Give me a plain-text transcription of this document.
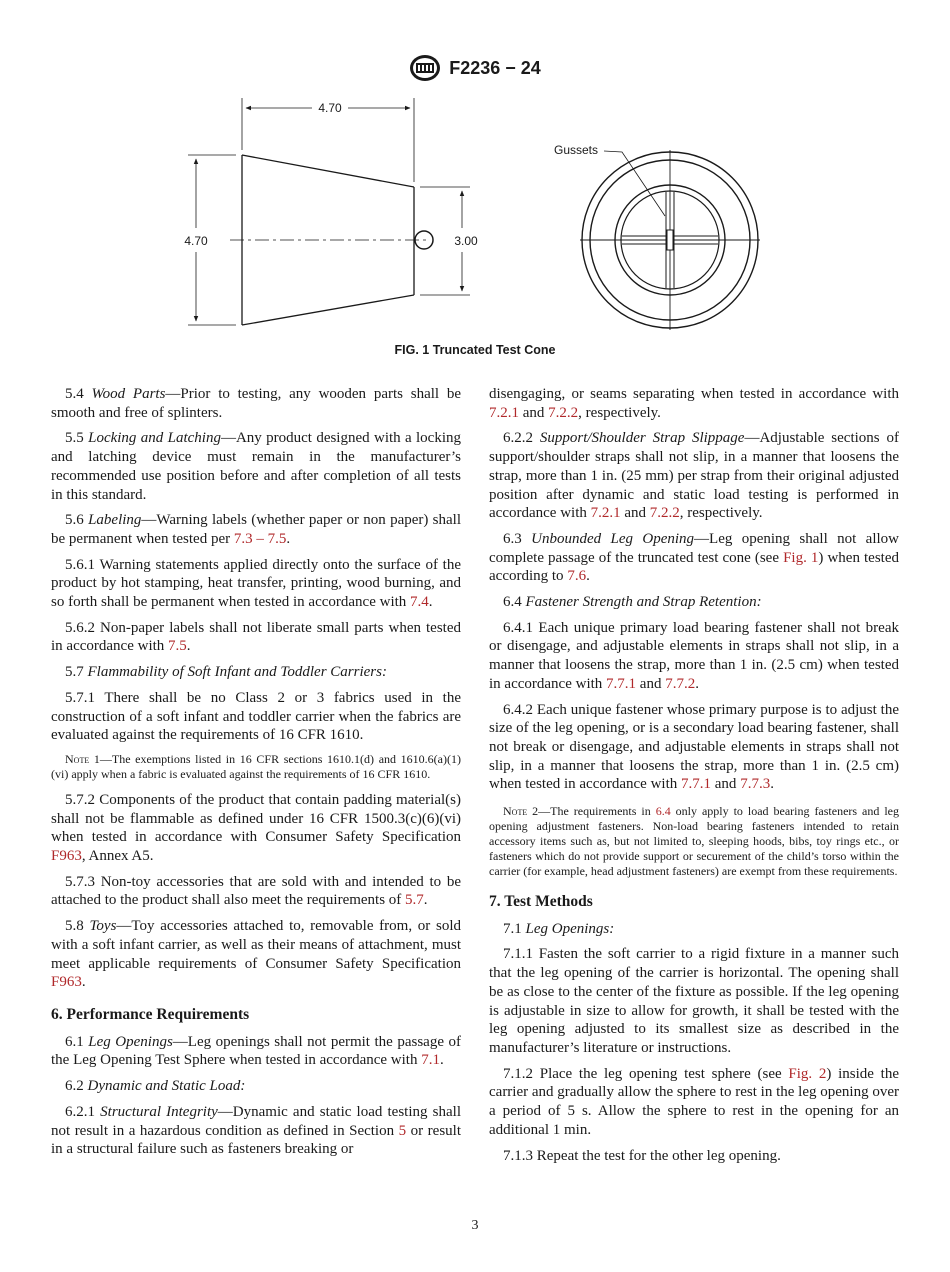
F2236 − 24
4.70
4.70	3.00
Gussets
FIG. 1 Truncated Test Cone

5.4 Wood Parts—Prior to testing, any wooden parts shall be smooth and free of splinters.

5.5 Locking and Latching—Any product designed with a locking and latching device must remain in the manufacturer’s recommended use position before and after completion of all tests in this standard.

5.6 Labeling—Warning labels (whether paper or non paper) shall be permanent when tested per 7.3 – 7.5.

5.6.1 Warning statements applied directly onto the surface of the product by hot stamping, heat transfer, printing, wood burning, and so forth shall be permanent when tested in accordance with 7.4.

5.6.2 Non-paper labels shall not liberate small parts when tested in accordance with 7.5.

5.7 Flammability of Soft Infant and Toddler Carriers:

5.7.1 There shall be no Class 2 or 3 fabrics used in the construction of a soft infant and toddler carrier when the fabrics are evaluated against the requirements of 16 CFR 1610.

Note 1—The exemptions listed in 16 CFR sections 1610.1(d) and 1610.6(a)(1)(vi) apply when a fabric is evaluated against the requirements of 16 CFR 1610.

5.7.2 Components of the product that contain padding material(s) shall not be flammable as defined under 16 CFR 1500.3(c)(6)(vi) when tested in accordance with Consumer Safety Specification F963, Annex A5.

5.7.3 Non-toy accessories that are sold with and intended to be attached to the product shall also meet the requirements of 5.7.

5.8 Toys—Toy accessories attached to, removable from, or sold with a soft infant carrier, as well as their means of attachment, must meet applicable requirements of Consumer Safety Specification F963.

6. Performance Requirements

6.1 Leg Openings—Leg openings shall not permit the passage of the Leg Opening Test Sphere when tested in accordance with 7.1.

6.2 Dynamic and Static Load:

6.2.1 Structural Integrity—Dynamic and static load testing shall not result in a hazardous condition as defined in Section 5 or result in a structural failure such as fasteners breaking or

disengaging, or seams separating when tested in accordance with 7.2.1 and 7.2.2, respectively.

6.2.2 Support/Shoulder Strap Slippage—Adjustable sections of support/shoulder straps shall not slip, in a manner that loosens the strap, more than 1 in. (25 mm) per strap from their original adjusted position after dynamic and static load testing is performed in accordance with 7.2.1 and 7.2.2, respectively.

6.3 Unbounded Leg Opening—Leg opening shall not allow complete passage of the truncated test cone (see Fig. 1) when tested according to 7.6.

6.4 Fastener Strength and Strap Retention:

6.4.1 Each unique primary load bearing fastener shall not break or disengage, and adjustable elements in straps shall not slip, in a manner that loosens the strap, more than 1 in. (2.5 cm) when tested in accordance with 7.7.1 and 7.7.2.

6.4.2 Each unique fastener whose primary purpose is to adjust the size of the leg opening, or is a secondary load bearing fastener, shall not break or disengage, and adjustable elements in straps shall not slip, in a manner that loosens the strap, more than 1 in. (2.5 cm) when tested in accordance with 7.7.1 and 7.7.3.

Note 2—The requirements in 6.4 only apply to load bearing fasteners and leg opening adjustment fasteners. Non-load bearing fasteners intended to retain accessory items such as, but not limited to, sleeping hoods, bibs, toy rings etc., or fasteners which do not provide support or securement of the child’s torso within the carrier (for example, head adjustment fasteners) are exempt from these requirements.

7. Test Methods

7.1 Leg Openings:

7.1.1 Fasten the soft carrier to a rigid fixture in a manner such that the leg opening of the carrier is horizontal. The opening shall be as close to the center of the fixture as possible. If the leg opening is adjustable in size to allow for growth, it shall be tested with the leg opening adjusted to its smallest size as described in the manufacturer’s literature or instructions.

7.1.2 Place the leg opening test sphere (see Fig. 2) inside the carrier and gradually allow the sphere to rest in the leg opening over a period of 5 s. Allow the sphere to rest in the opening for an additional 1 min.

7.1.3 Repeat the test for the other leg opening.

3
